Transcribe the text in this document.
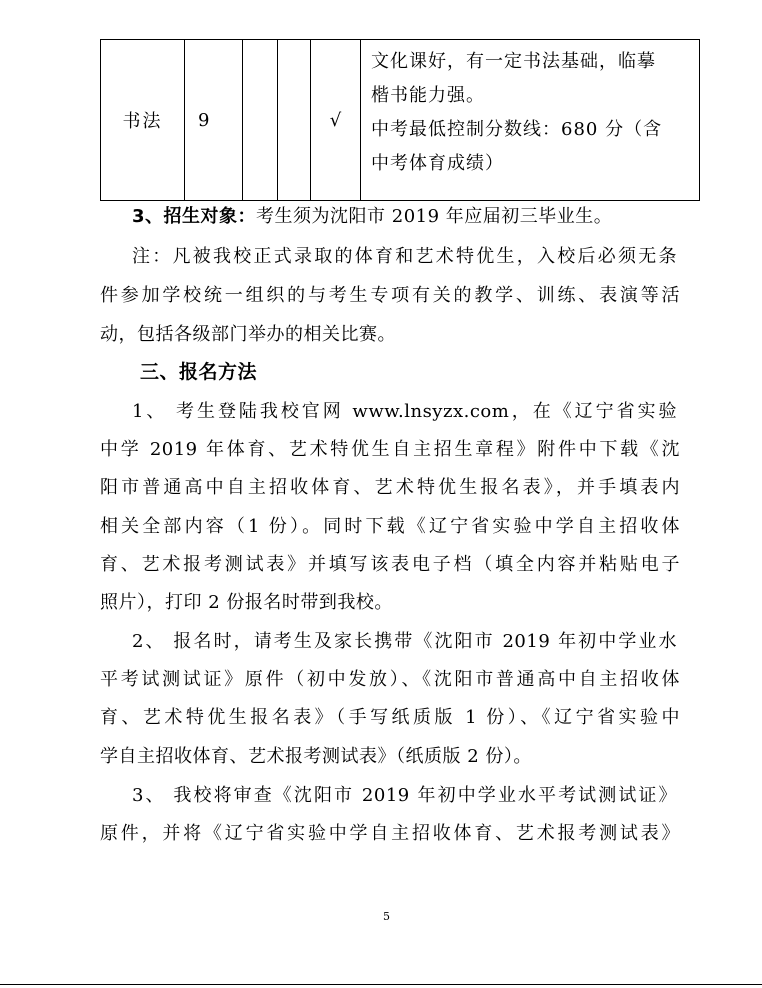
书法	9			√	
文化课好，有一定书法基础，临摹
楷书能力强。
中考最低控制分数线：680 分（含
中考体育成绩）
3、招生对象：考生须为沈阳市 2019 年应届初三毕业生。
注：凡被我校正式录取的体育和艺术特优生，入校后必须无条
件参加学校统一组织的与考生专项有关的教学、训练、表演等活
动，包括各级部门举办的相关比赛。
三、报名方法
1、 考生登陆我校官网 www.lnsyzx.com，在《辽宁省实验
中学 2019 年体育、艺术特优生自主招生章程》附件中下载《沈
阳市普通高中自主招收体育、艺术特优生报名表》，并手填表内
相关全部内容（1 份）。同时下载《辽宁省实验中学自主招收体
育、艺术报考测试表》并填写该表电子档（填全内容并粘贴电子
照片），打印 2 份报名时带到我校。
2、 报名时，请考生及家长携带《沈阳市 2019 年初中学业水
平考试测试证》原件（初中发放）、《沈阳市普通高中自主招收体
育、艺术特优生报名表》（手写纸质版 1 份）、《辽宁省实验中
学自主招收体育、艺术报考测试表》（纸质版 2 份）。
3、 我校将审查《沈阳市 2019 年初中学业水平考试测试证》
原件，并将《辽宁省实验中学自主招收体育、艺术报考测试表》
5
